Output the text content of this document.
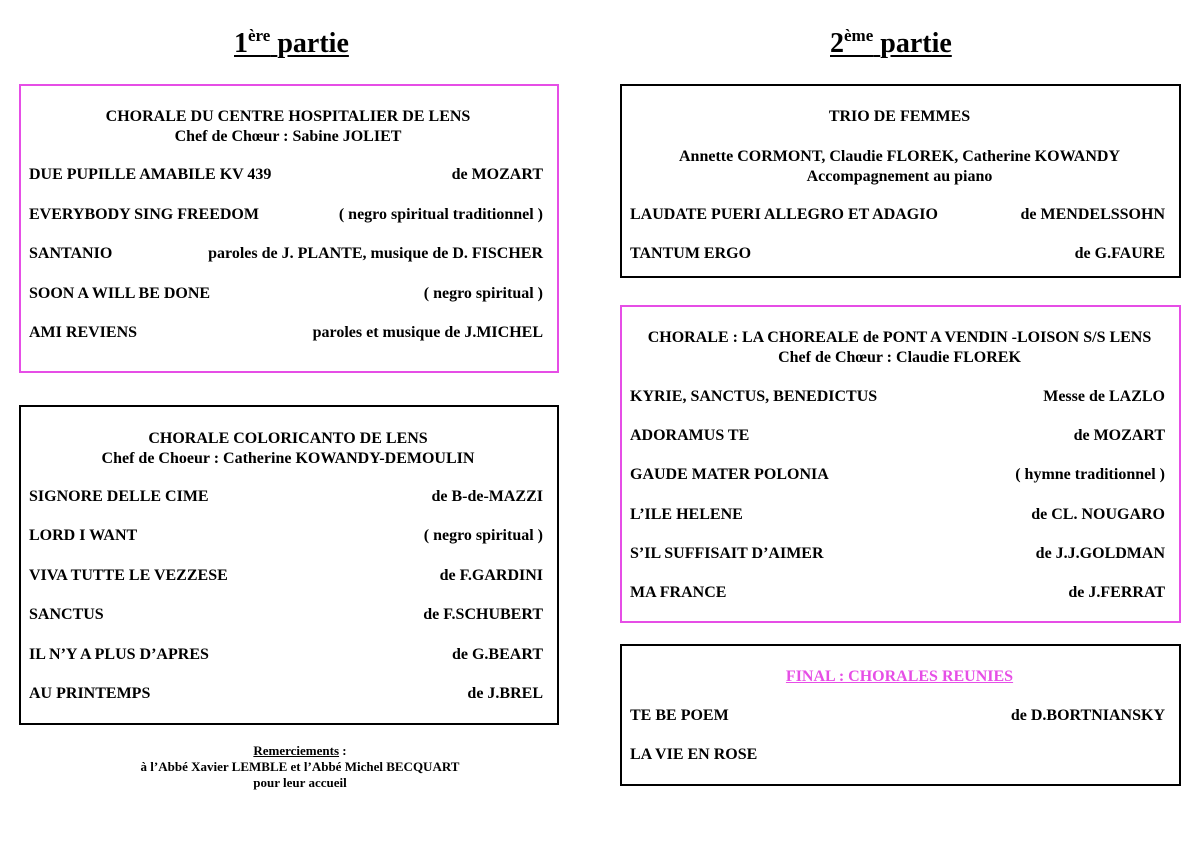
1ère partie	2ème partie
CHORALE DU CENTRE HOSPITALIER DE LENS
Chef de Chœur : Sabine JOLIET
DUE PUPILLE AMABILE KV 439	de MOZART
EVERYBODY SING FREEDOM	( negro spiritual traditionnel )
SANTANIO	paroles de J. PLANTE, musique de D. FISCHER
SOON A WILL BE DONE	( negro spiritual )
AMI REVIENS	paroles et musique de J.MICHEL
CHORALE COLORICANTO DE LENS
Chef de Choeur : Catherine KOWANDY-DEMOULIN
SIGNORE DELLE CIME	de B-de-MAZZI
LORD I WANT	( negro spiritual )
VIVA TUTTE LE VEZZESE	de F.GARDINI
SANCTUS	de F.SCHUBERT
IL N’Y A PLUS D’APRES	de G.BEART
AU PRINTEMPS	de J.BREL
Remerciements :
à l’Abbé Xavier LEMBLE et l’Abbé Michel BECQUART
pour leur accueil
TRIO DE FEMMES
Annette CORMONT, Claudie FLOREK, Catherine KOWANDY
Accompagnement au piano
LAUDATE PUERI ALLEGRO ET ADAGIO	de MENDELSSOHN
TANTUM ERGO	de G.FAURE
CHORALE : LA CHOREALE de PONT A VENDIN -LOISON S/S LENS
Chef de Chœur : Claudie FLOREK
KYRIE, SANCTUS, BENEDICTUS	Messe de LAZLO
ADORAMUS TE	de MOZART
GAUDE MATER POLONIA	( hymne traditionnel )
L’ILE HELENE	de CL. NOUGARO
S’IL SUFFISAIT D’AIMER	de J.J.GOLDMAN
MA FRANCE	de J.FERRAT
FINAL : CHORALES REUNIES
TE BE POEM	de D.BORTNIANSKY
LA VIE EN ROSE
